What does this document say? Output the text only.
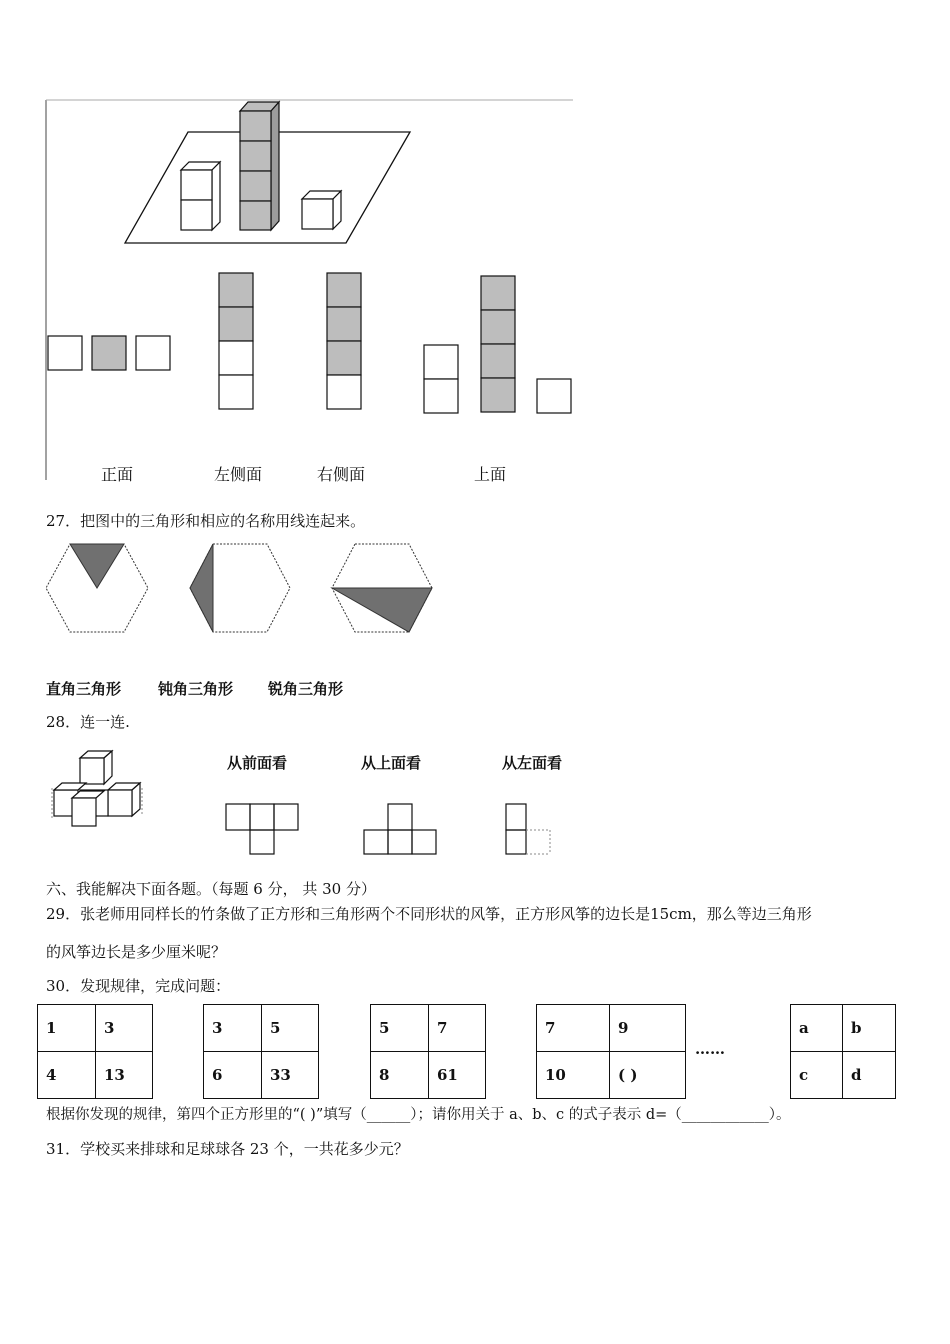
正面	左侧面	右侧面	上面
27．把图中的三角形和相应的名称用线连起来。
直角三角形 钝角三角形 锐角三角形
28．连一连.
从前面看	从上面看	从左面看
六、我能解决下面各题。（每题 6 分， 共 30 分）
29．张老师用同样长的竹条做了正方形和三角形两个不同形状的风筝，正方形风筝的边长是15cm，那么等边三角形
的风筝边长是多少厘米呢？
30．发现规律，完成问题：
1	3
4	13
3	5
6	33
5	7
8	61
7	9
10	( )
……
a	b
c	d
根据你发现的规律，第四个正方形里的“( )”填写（______）；请你用关于 a、b、c 的式子表示 d=（____________）。
31．学校买来排球和足球球各 23 个，一共花多少元？
